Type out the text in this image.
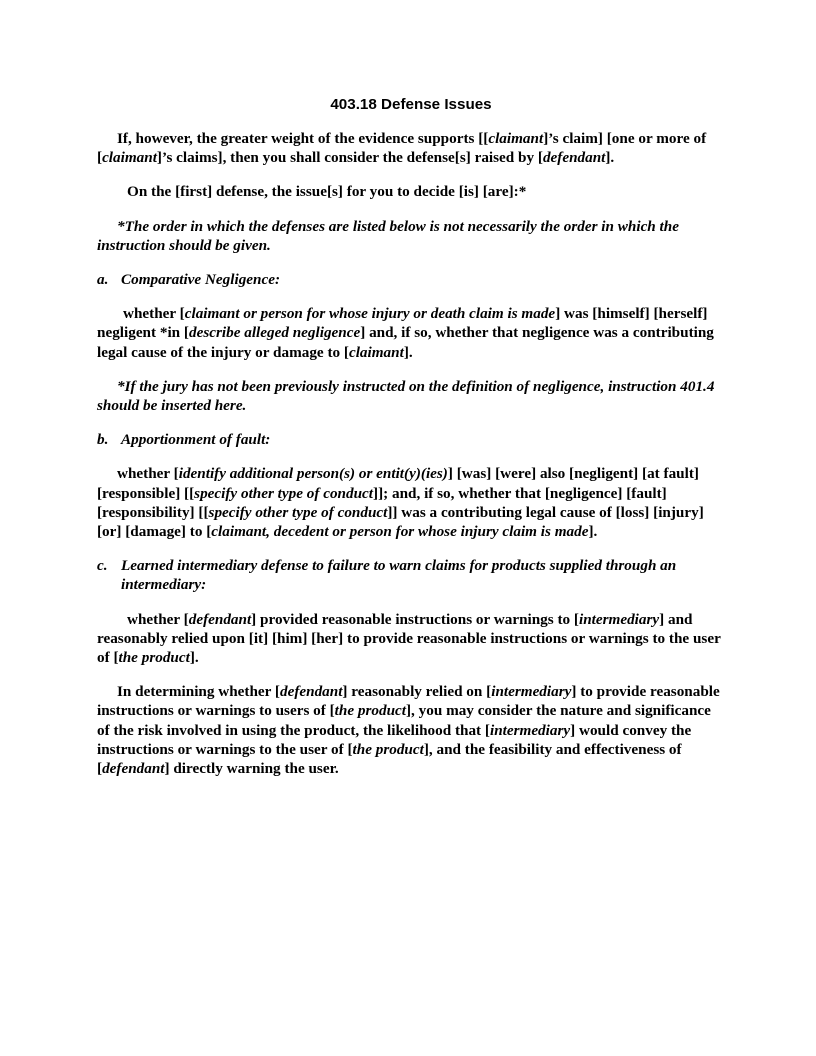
403.18 Defense Issues

If, however, the greater weight of the evidence supports [[claimant]’s claim] [one or more of [claimant]’s claims], then you shall consider the defense[s] raised by [defendant].

On the [first] defense, the issue[s] for you to decide [is] [are]:*

*The order in which the defenses are listed below is not necessarily the order in which the instruction should be given.

a. Comparative Negligence:

whether [claimant or person for whose injury or death claim is made] was [himself] [herself] negligent *in [describe alleged negligence] and, if so, whether that negligence was a contributing legal cause of the injury or damage to [claimant].

*If the jury has not been previously instructed on the definition of negligence, instruction 401.4 should be inserted here.

b. Apportionment of fault:

whether [identify additional person(s) or entit(y)(ies)] [was] [were] also [negligent] [at fault] [responsible] [[specify other type of conduct]]; and, if so, whether that [negligence] [fault] [responsibility] [[specify other type of conduct]] was a contributing legal cause of [loss] [injury] [or] [damage] to [claimant, decedent or person for whose injury claim is made].

c. Learned intermediary defense to failure to warn claims for products supplied through an intermediary:

whether [defendant] provided reasonable instructions or warnings to [intermediary] and reasonably relied upon [it] [him] [her] to provide reasonable instructions or warnings to the user of [the product].

In determining whether [defendant] reasonably relied on [intermediary] to provide reasonable instructions or warnings to users of [the product], you may consider the nature and significance of the risk involved in using the product, the likelihood that [intermediary] would convey the instructions or warnings to the user of [the product], and the feasibility and effectiveness of [defendant] directly warning the user.
